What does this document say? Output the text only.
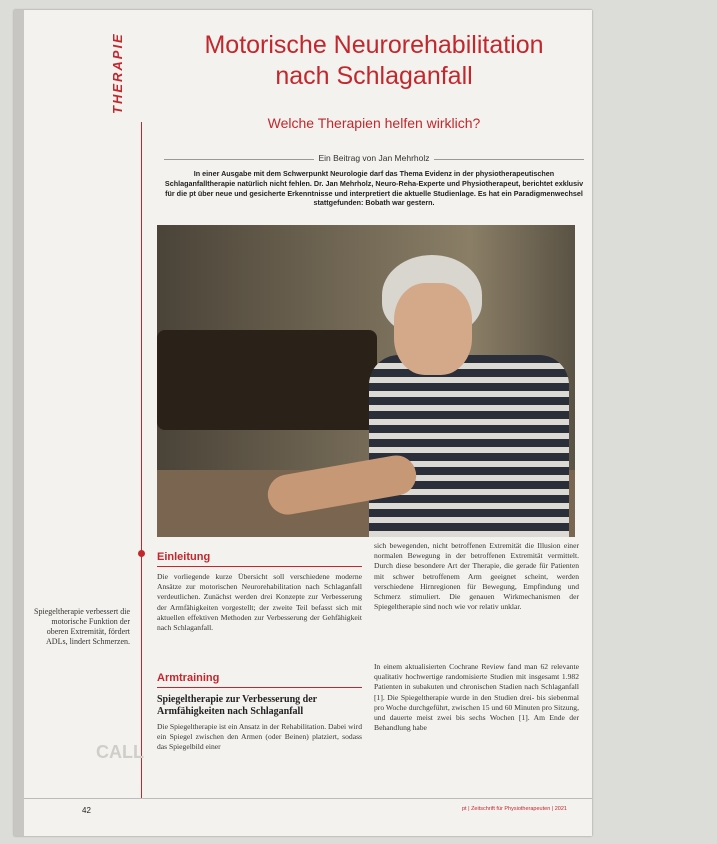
THERAPIE	Motorische Neurorehabilitation
nach Schlaganfall
Welche Therapien helfen wirklich?
Ein Beitrag von Jan Mehrholz
In einer Ausgabe mit dem Schwerpunkt Neurologie darf das Thema Evidenz in der physiotherapeutischen Schlaganfalltherapie natürlich nicht fehlen. Dr. Jan Mehrholz, Neuro-Reha-Experte und Physiotherapeut, berichtet exklusiv für die pt über neue und gesicherte Erkenntnisse und interpretiert die aktuelle Studienlage. Es hat ein Paradigmenwechsel stattgefunden: Bobath war gestern.
Foto: Ilderpinkel/stock.adobe.com
Spiegeltherapie verbessert die motorische Funktion der oberen Extremität, fördert ADLs, lindert Schmerzen.
Einleitung
Die vorliegende kurze Übersicht soll verschiedene moderne Ansätze zur motorischen Neurorehabilitation nach Schlaganfall verdeutlichen. Zunächst werden drei Konzepte zur Verbesserung der Armfähigkeiten vorgestellt; der zweite Teil befasst sich mit aktuellen effektiven Methoden zur Verbesserung der Gehfähigkeit nach Schlaganfall.
Armtraining
Spiegeltherapie zur Verbesserung der Armfähigkeiten nach Schlaganfall
Die Spiegeltherapie ist ein Ansatz in der Rehabilitation. Dabei wird ein Spiegel zwischen den Armen (oder Beinen) platziert, sodass das Spiegelbild einer
sich bewegenden, nicht betroffenen Extremität die Illusion einer normalen Bewegung in der betroffenen Extremität vermittelt. Durch diese besondere Art der Therapie, die gerade für Patienten mit schwer betroffenem Arm geeignet scheint, werden verschiedene Hirnregionen für Bewegung, Empfindung und Schmerz stimuliert. Die genauen Wirkmechanismen der Spiegeltherapie sind noch wie vor relativ unklar.
In einem aktualisierten Cochrane Review fand man 62 relevante qualitativ hochwertige randomisierte Studien mit insgesamt 1.982 Patienten in subakuten und chronischen Stadien nach Schlaganfall [1]. Die Spiegeltherapie wurde in den Studien drei- bis siebenmal pro Woche durchgeführt, zwischen 15 und 60 Minuten pro Sitzung, und dauerte meist zwei bis sechs Wochen [1]. Am Ende der Behandlung habe
CALL
42	pt | Zeitschrift für Physiotherapeuten | 2021
